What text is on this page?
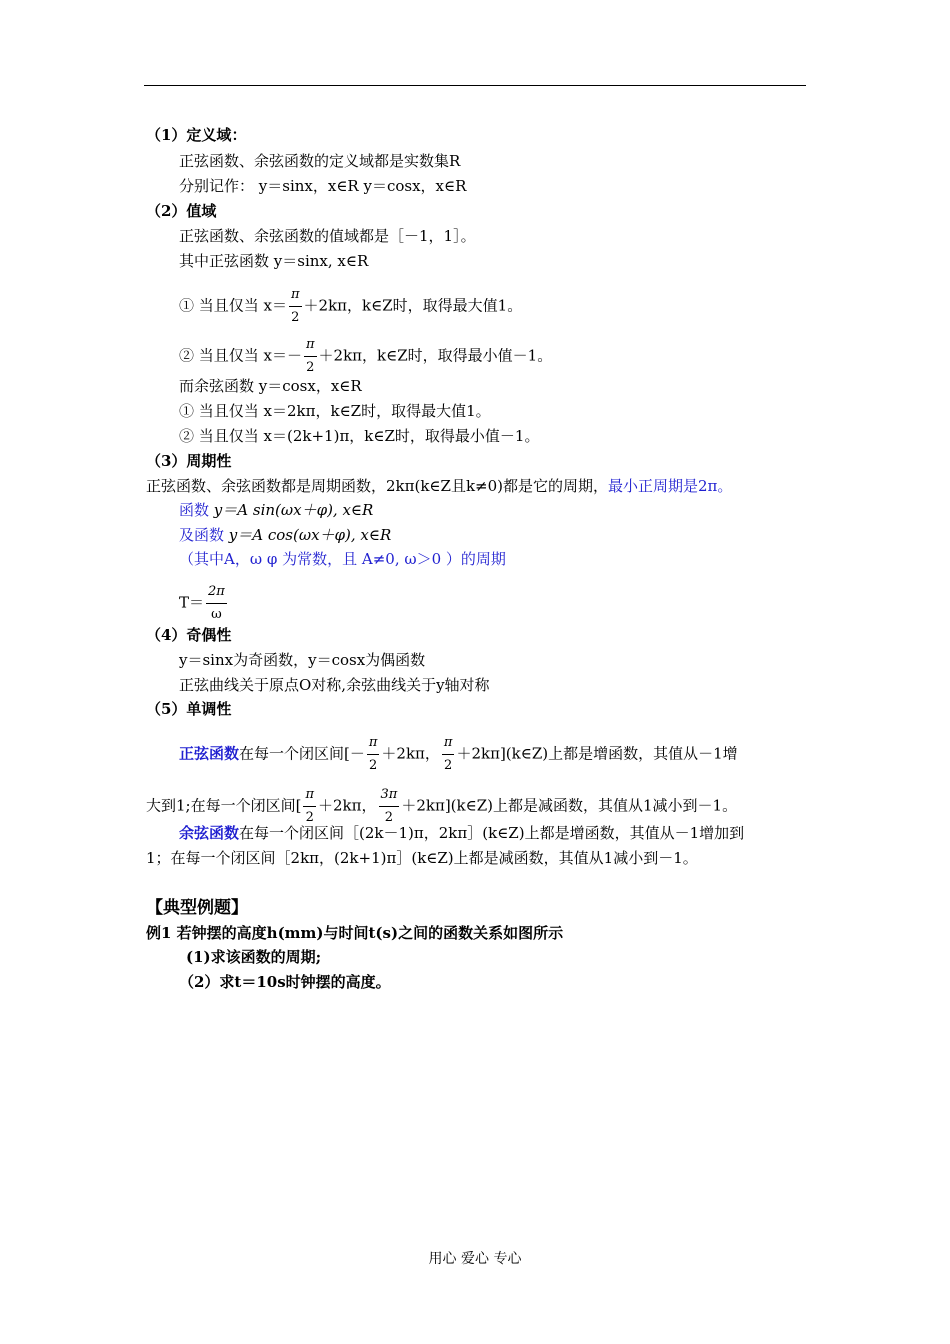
（1）定义域：
正弦函数、余弦函数的定义域都是实数集R
分别记作： y＝sinx，x∈R y＝cosx，x∈R
（2）值域
正弦函数、余弦函数的值域都是［－1，1］。
其中正弦函数 y＝sinx, x∈R
① 当且仅当 $x= \frac{\pi}{2} +2k\pi$，k∈Z时，取得最大值1。
② 当且仅当 $x=- \frac{\pi}{2} +2k\pi$，k∈Z时，取得最小值－1。
而余弦函数 y＝cosx，x∈R
① 当且仅当 x＝2kπ，k∈Z时，取得最大值1。
② 当且仅当 x＝(2k+1)π，k∈Z时，取得最小值－1。
（3）周期性
正弦函数、余弦函数都是周期函数，2kπ(k∈Z且k≠0)都是它的周期，最小正周期是2π。
函数 y＝A sin(ωx＋φ), x∈R
及函数 y＝A cos(ωx＋φ), x∈R
（其中A，ω φ 为常数，且 A≠0, ω＞0 ）的周期
$T= \frac{2\pi}{\omega}$
（4）奇偶性
y＝sinx为奇函数，y＝cosx为偶函数
正弦曲线关于原点O对称,余弦曲线关于y轴对称
（5）单调性
正弦函数在每一个闭区间[－ $\frac{\pi}{2} +2k\pi$， $\frac{\pi}{2}$ ＋2kπ](k∈Z)上都是增函数，其值从－1增
大到1;在每一个闭区间[ $\frac{\pi}{2} +2k\pi$， $\frac{3\pi}{2}$ ＋2kπ](k∈Z)上都是减函数，其值从1减小到－1。
余弦函数在每一个闭区间［(2k－1)π，2kπ］(k∈Z)上都是增函数，其值从－1增加到
1；在每一个闭区间［2kπ，(2k+1)π］(k∈Z)上都是减函数，其值从1减小到－1。
【典型例题】
例1 若钟摆的高度h(mm)与时间t(s)之间的函数关系如图所示
(1)求该函数的周期;
（2）求t＝10s时钟摆的高度。
用心 爱心 专心
